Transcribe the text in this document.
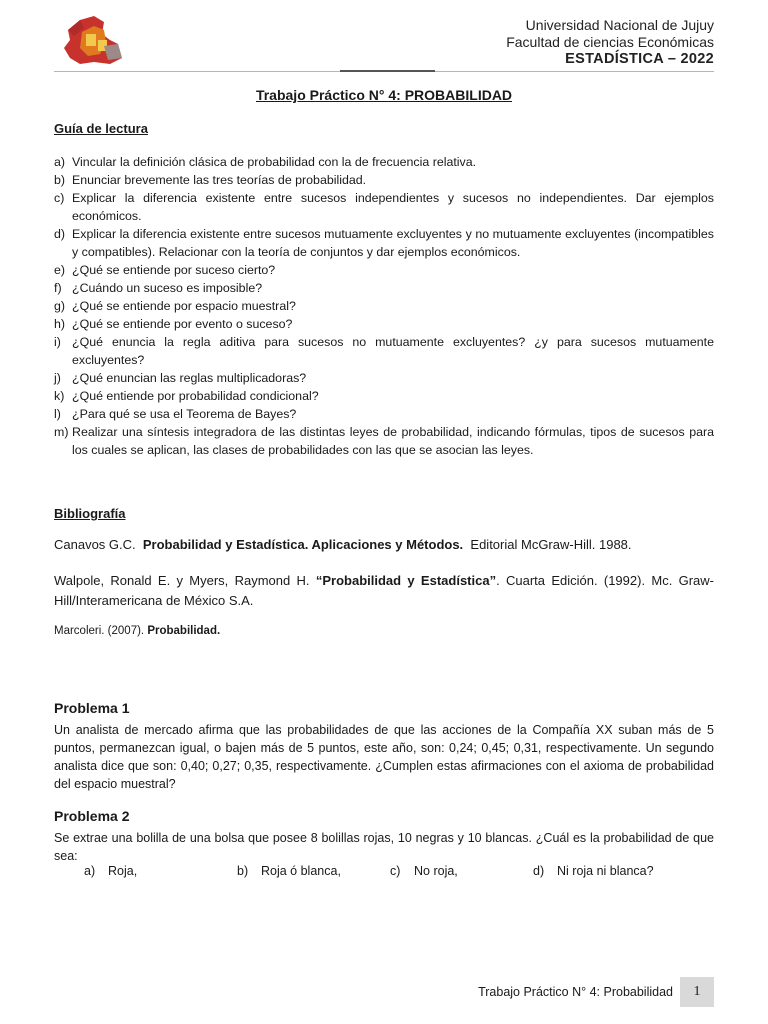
Universidad Nacional de Jujuy
Facultad de ciencias Económicas
ESTADÍSTICA – 2022
Trabajo Práctico N° 4: PROBABILIDAD
Guía de lectura
a) Vincular la definición clásica de probabilidad con la de frecuencia relativa.
b) Enunciar brevemente las tres teorías de probabilidad.
c) Explicar la diferencia existente entre sucesos independientes y sucesos no independientes. Dar ejemplos económicos.
d) Explicar la diferencia existente entre sucesos mutuamente excluyentes y no mutuamente excluyentes (incompatibles y compatibles). Relacionar con la teoría de conjuntos y dar ejemplos económicos.
e) ¿Qué se entiende por suceso cierto?
f) ¿Cuándo un suceso es imposible?
g) ¿Qué se entiende por espacio muestral?
h) ¿Qué se entiende por evento o suceso?
i) ¿Qué enuncia la regla aditiva para sucesos no mutuamente excluyentes? ¿y para sucesos mutuamente excluyentes?
j) ¿Qué enuncian las reglas multiplicadoras?
k) ¿Qué entiende por probabilidad condicional?
l) ¿Para qué se usa el Teorema de Bayes?
m) Realizar una síntesis integradora de las distintas leyes de probabilidad, indicando fórmulas, tipos de sucesos para los cuales se aplican, las clases de probabilidades con las que se asocian las leyes.
Bibliografía
Canavos G.C. Probabilidad y Estadística. Aplicaciones y Métodos. Editorial McGraw-Hill. 1988.
Walpole, Ronald E. y Myers, Raymond H. “Probabilidad y Estadística”. Cuarta Edición. (1992). Mc. Graw-Hill/Interamericana de México S.A.
Marcoleri. (2007). Probabilidad.
Problema 1
Un analista de mercado afirma que las probabilidades de que las acciones de la Compañía XX suban más de 5 puntos, permanezcan igual, o bajen más de 5 puntos, este año, son: 0,24; 0,45; 0,31, respectivamente. Un segundo analista dice que son: 0,40; 0,27; 0,35, respectivamente. ¿Cumplen estas afirmaciones con el axioma de probabilidad del espacio muestral?
Problema 2
Se extrae una bolilla de una bolsa que posee 8 bolillas rojas, 10 negras y 10 blancas. ¿Cuál es la probabilidad de que sea:
a) Roja,	b) Roja ó blanca,	c) No roja,	d) Ni roja ni blanca?
Trabajo Práctico N° 4: Probabilidad	1
